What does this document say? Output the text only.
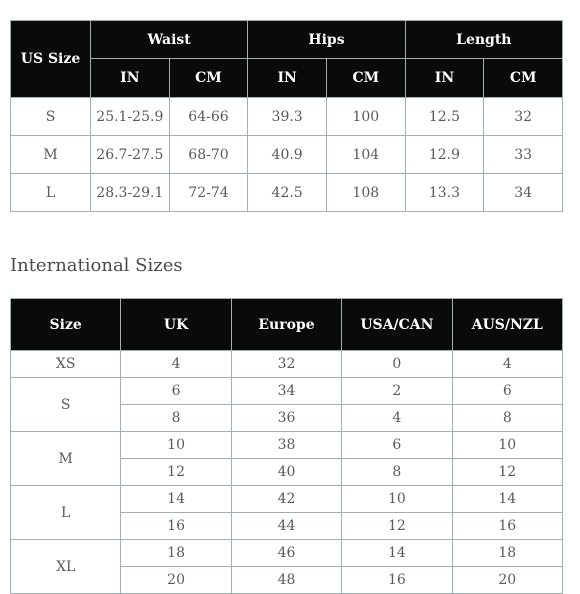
US Size	Waist		Hips		Length	
	IN	CM	IN	CM	IN	CM
S	25.1-25.9	64-66	39.3	100	12.5	32
M	26.7-27.5	68-70	40.9	104	12.9	33
L	28.3-29.1	72-74	42.5	108	13.3	34
International Sizes
Size	UK	Europe	USA/CAN	AUS/NZL
XS	4	32	0	4
S	6	34	2	6
	8	36	4	8
M	10	38	6	10
	12	40	8	12
L	14	42	10	14
	16	44	12	16
XL	18	46	14	18
	20	48	16	20
